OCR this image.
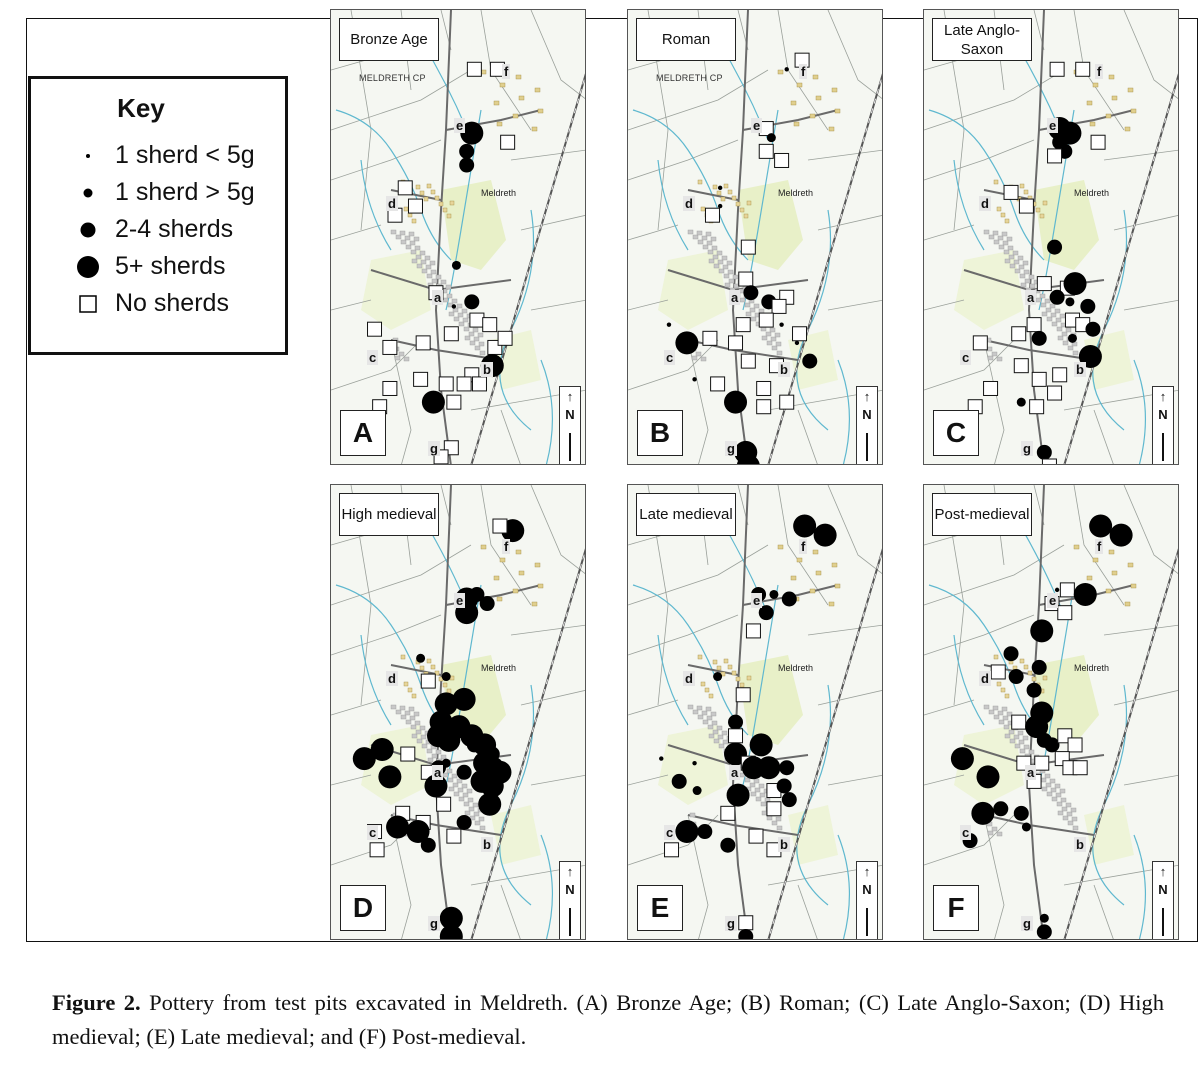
Key
1 sherd < 5g
1 sherd > 5g
2-4 sherds
5+ sherds
No sherds	a
b
c
d
e
f
g
Meldreth
MELDRETH CP
Bronze Age
A
↑
N
a
b
c
d
e
f
g
Meldreth
MELDRETH CP
Roman
B
↑
N
a
b
c
d
e
f
g
Meldreth
Late Anglo-Saxon
C
↑
N
a
b
c
d
e
f
g
Meldreth
High medieval
D
↑
N
a
b
c
d
e
f
g
Meldreth
Late medieval
E
↑
N
a
b
c
d
e
f
g
Meldreth
Post-medieval
F
↑
N
Figure 2. Pottery from test pits excavated in Meldreth. (A) Bronze Age; (B) Roman; (C) Late Anglo-Saxon; (D) High medieval; (E) Late medieval; and (F) Post-medieval.
